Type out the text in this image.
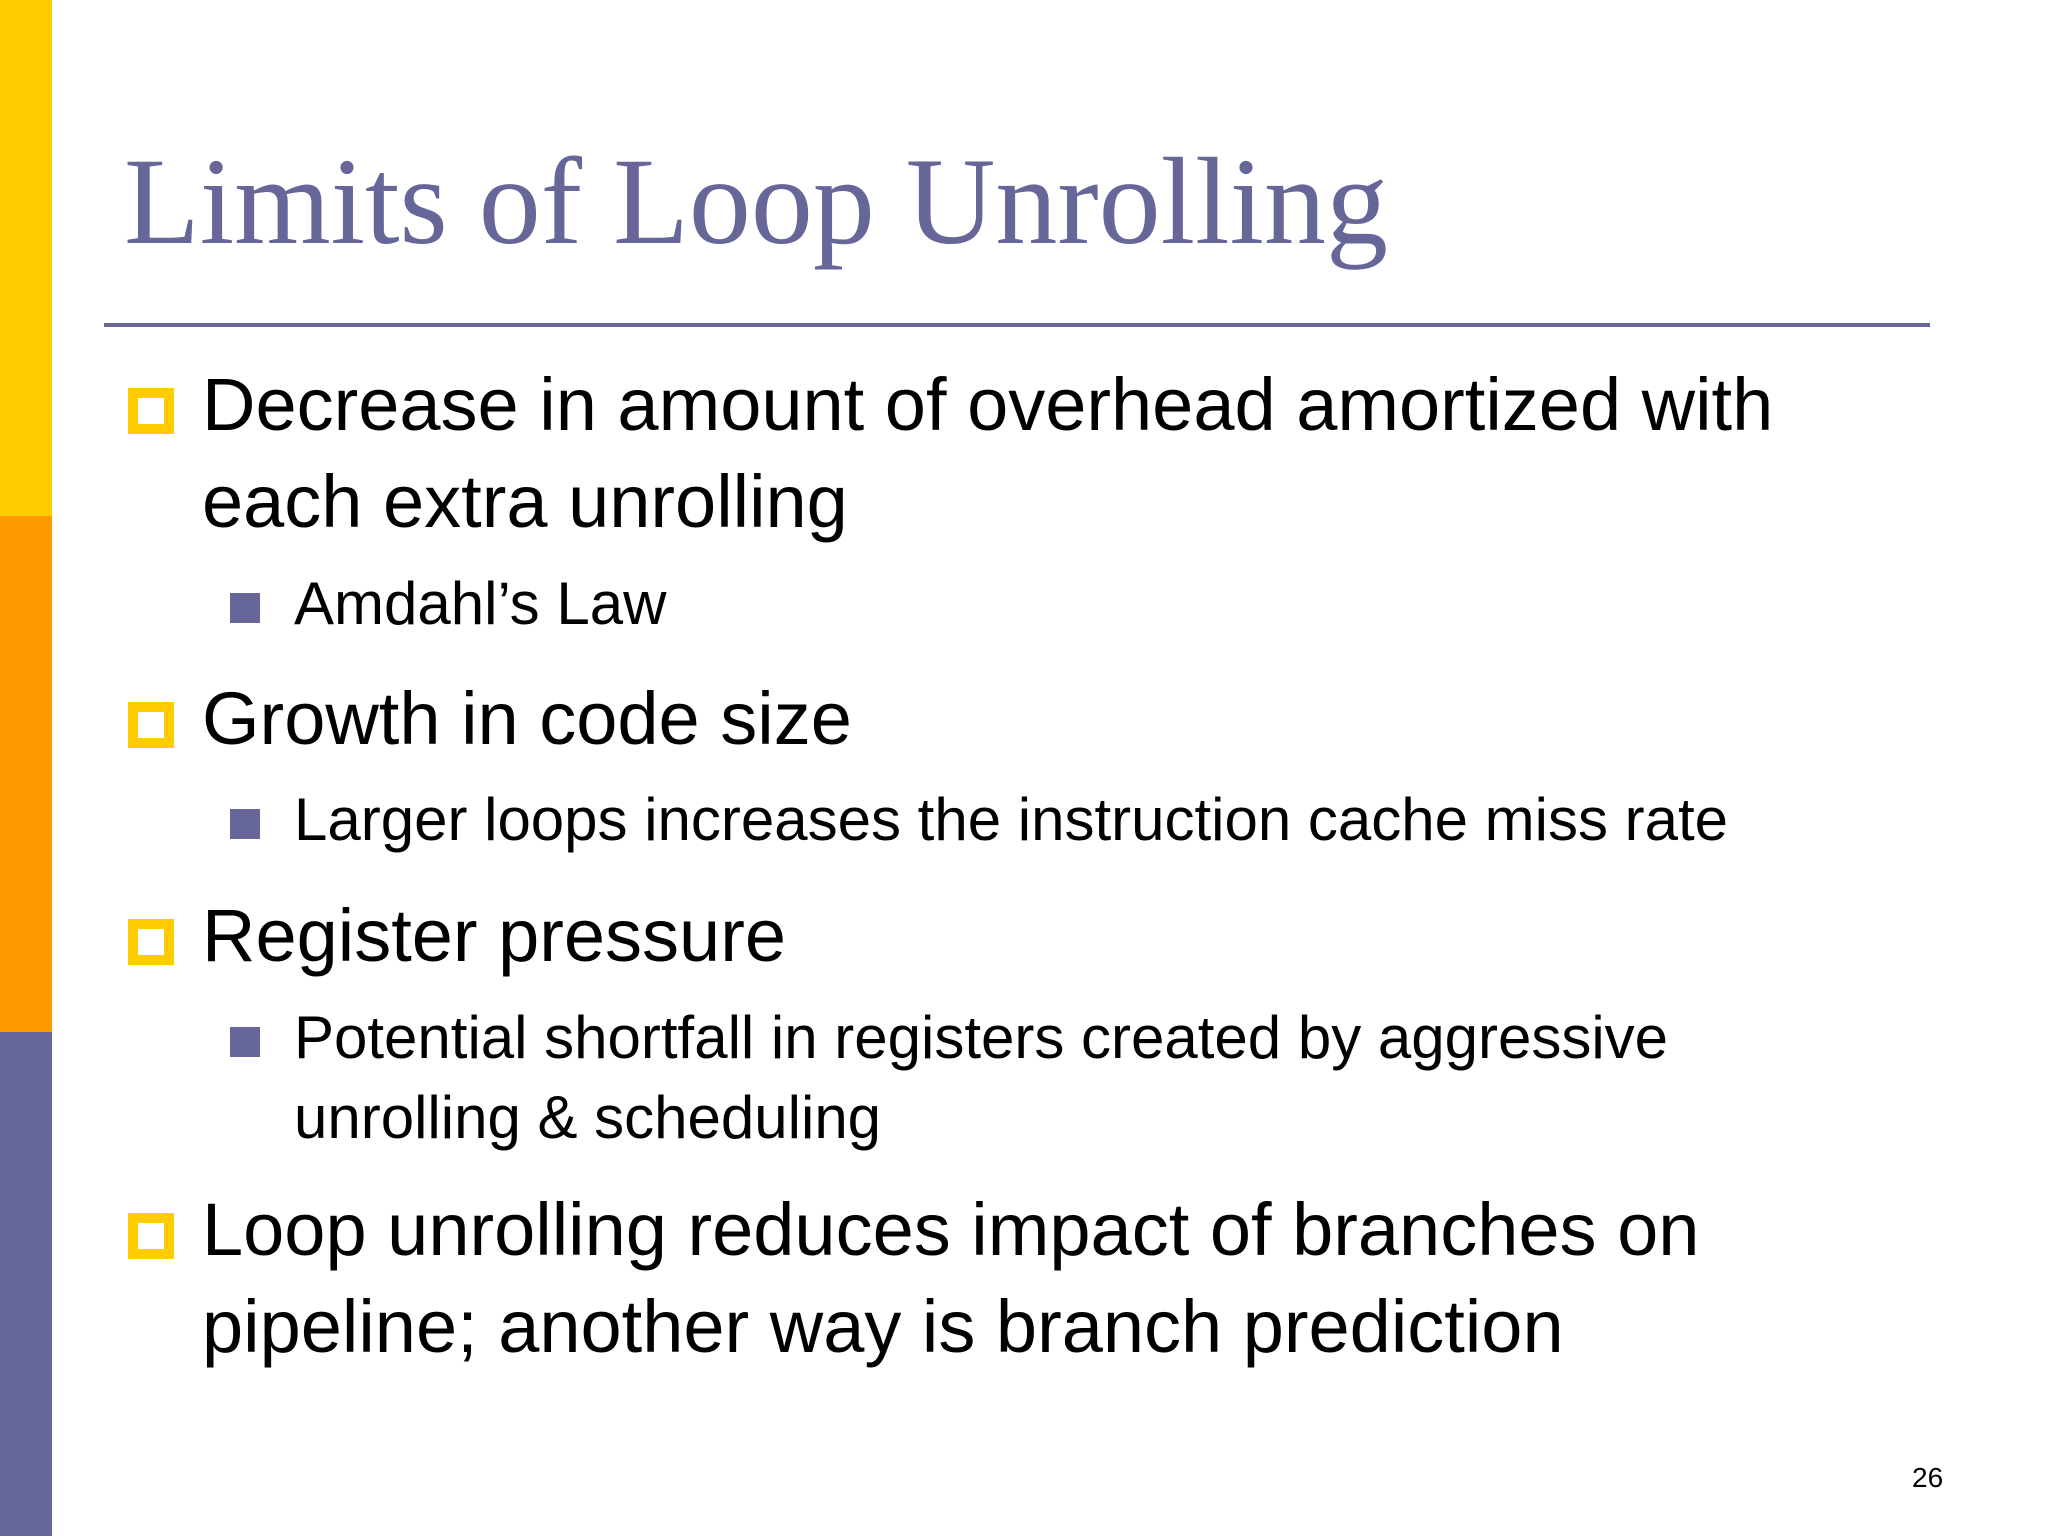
Limits of Loop Unrolling
Decrease in amount of overhead amortized with
each extra unrolling
Amdahl’s Law
Growth in code size
Larger loops increases the instruction cache miss rate
Register pressure
Potential shortfall in registers created by aggressive
unrolling & scheduling
Loop unrolling reduces impact of branches on
pipeline; another way is branch prediction
26
